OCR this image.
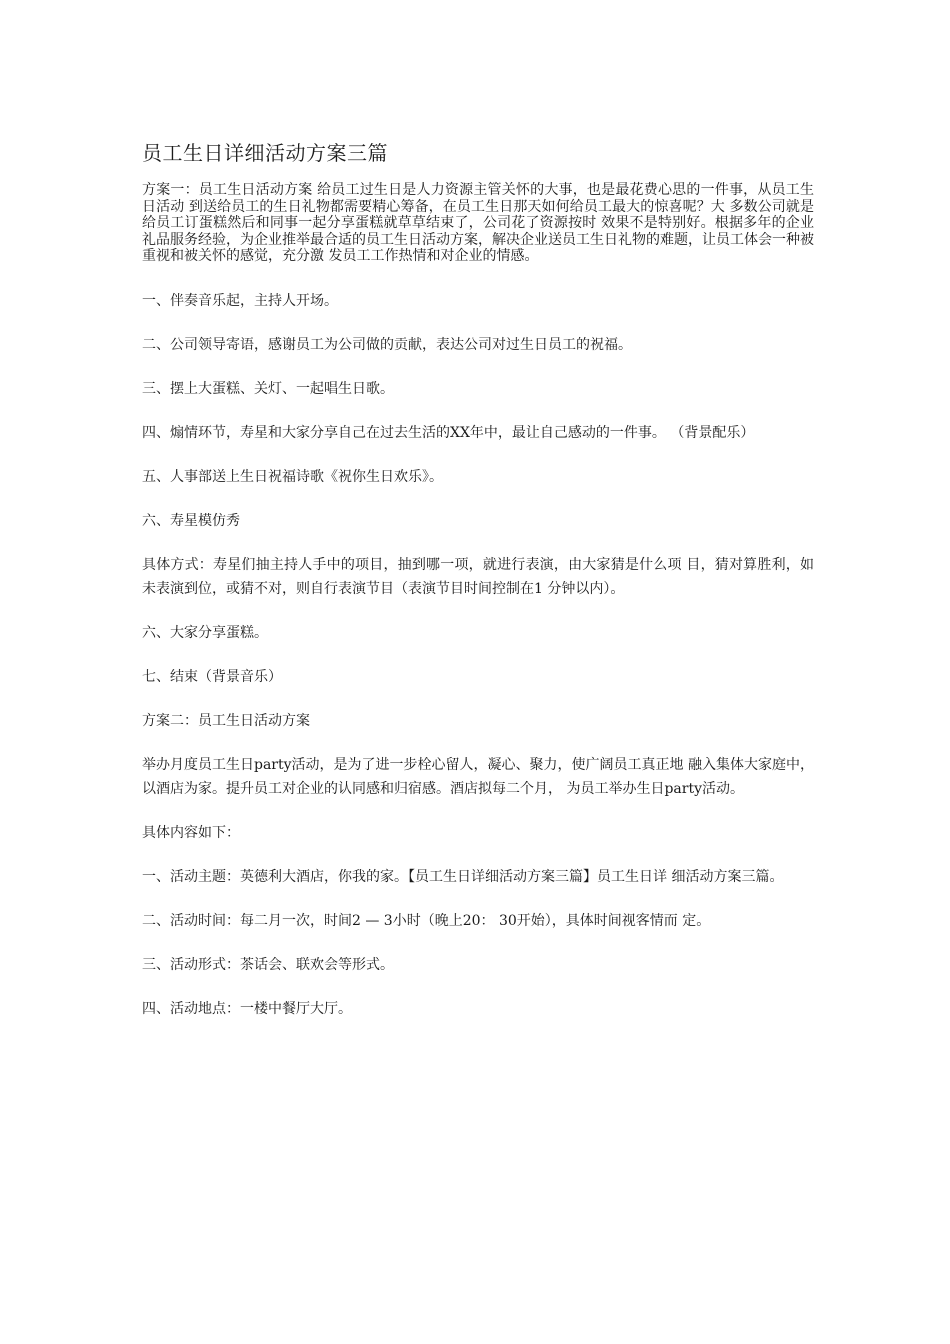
员工生日详细活动方案三篇

方案一：员工生日活动方案 给员工过生日是人力资源主管关怀的大事，也是最花费心思的一件事，从员工生日活动 到送给员工的生日礼物都需要精心筹备，在员工生日那天如何给员工最大的惊喜呢？大 多数公司就是给员工订蛋糕然后和同事一起分享蛋糕就草草结束了，公司花了资源按时 效果不是特别好。根据多年的企业礼品服务经验，为企业推举最合适的员工生日活动方案，解决企业送员工生日礼物的难题，让员工体会一种被重视和被关怀的感觉，充分激 发员工工作热情和对企业的情感。

一、伴奏音乐起，主持人开场。

二、公司领导寄语，感谢员工为公司做的贡献，表达公司对过生日员工的祝福。

三、摆上大蛋糕、关灯、一起唱生日歌。

四、煽情环节，寿星和大家分享自己在过去生活的XX年中，最让自己感动的一件事。 （背景配乐）

五、人事部送上生日祝福诗歌《祝你生日欢乐》。

六、寿星模仿秀

具体方式：寿星们抽主持人手中的项目，抽到哪一项，就进行表演，由大家猜是什么项 目，猜对算胜利，如未表演到位，或猜不对，则自行表演节目（表演节目时间控制在1 分钟以内）。

六、大家分享蛋糕。

七、结束（背景音乐）

方案二：员工生日活动方案

举办月度员工生日party活动，是为了进一步栓心留人，凝心、聚力，使广阔员工真正地 融入集体大家庭中，以酒店为家。提升员工对企业的认同感和归宿感。酒店拟每二个月， 为员工举办生日party活动。

具体内容如下：

一、活动主题：英德利大酒店，你我的家。【员工生日详细活动方案三篇】员工生日详 细活动方案三篇。

二、活动时间：每二月一次，时间2 — 3小时（晚上20： 30开始），具体时间视客情而 定。

三、活动形式：茶话会、联欢会等形式。

四、活动地点：一楼中餐厅大厅。
